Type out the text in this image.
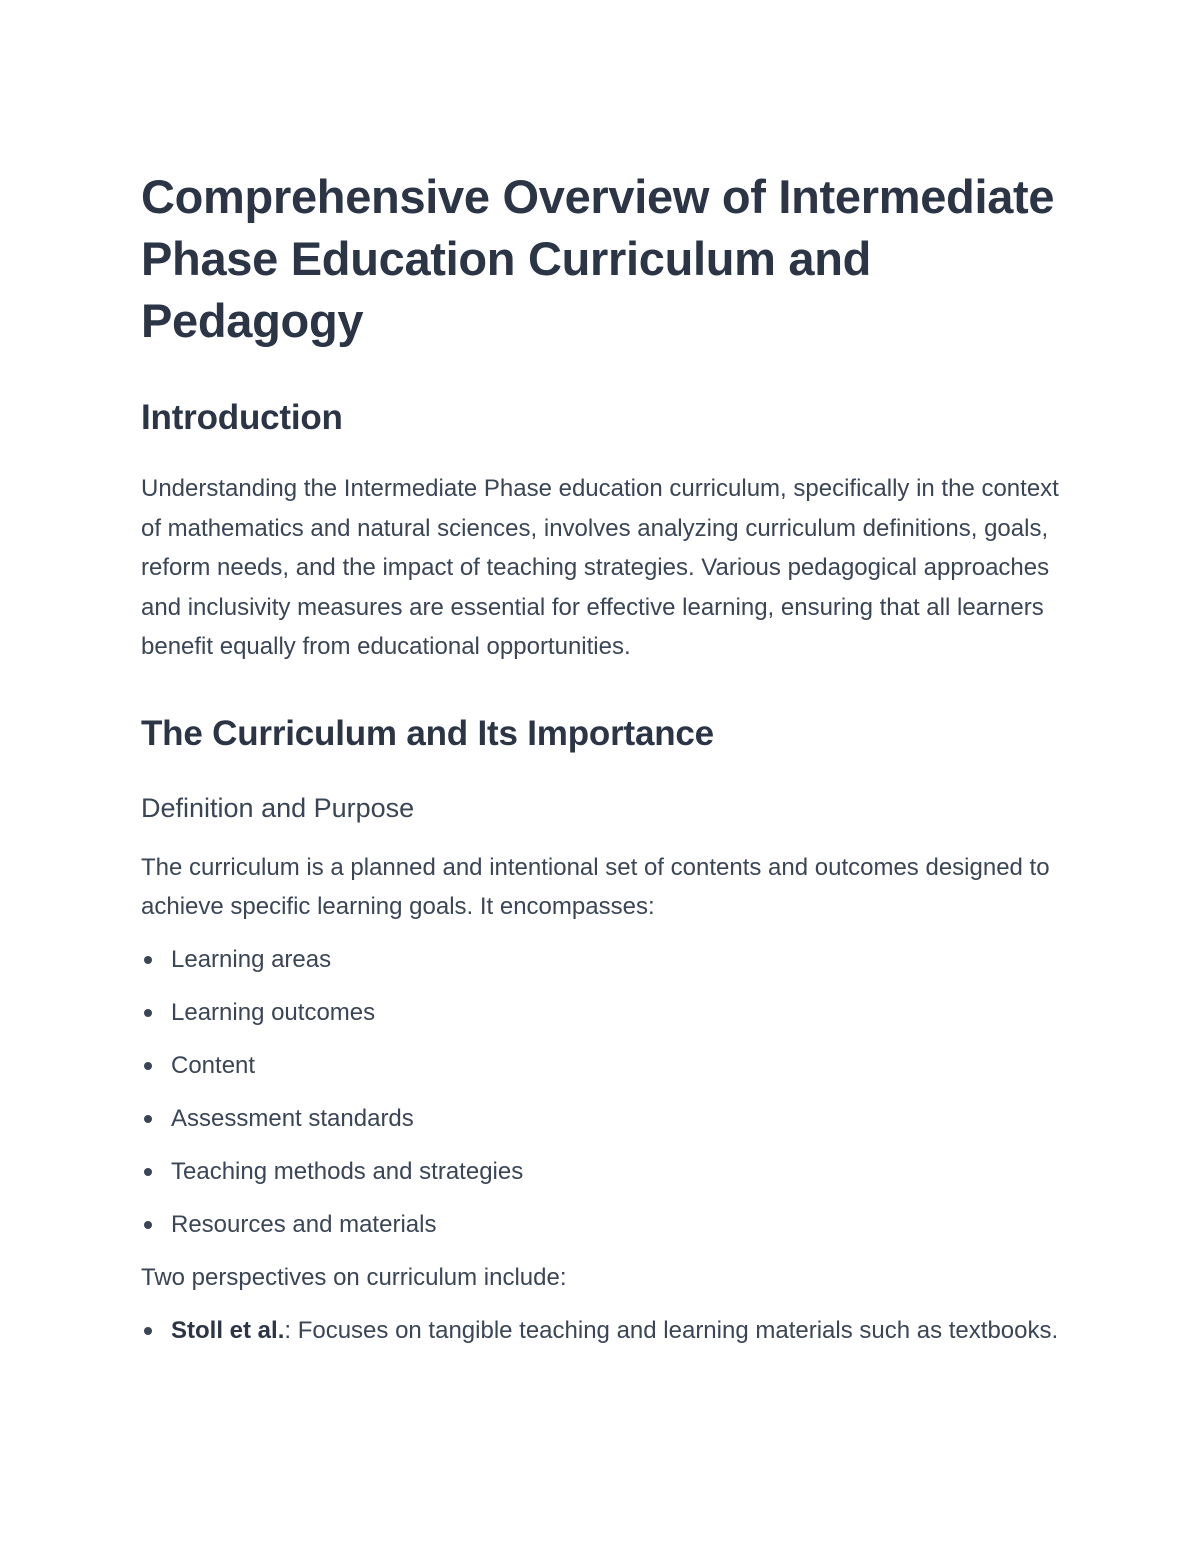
Comprehensive Overview of Intermediate Phase Education Curriculum and Pedagogy
Introduction

Understanding the Intermediate Phase education curriculum, specifically in the context of mathematics and natural sciences, involves analyzing curriculum definitions, goals, reform needs, and the impact of teaching strategies. Various pedagogical approaches and inclusivity measures are essential for effective learning, ensuring that all learners benefit equally from educational opportunities.

The Curriculum and Its Importance
Definition and Purpose

The curriculum is a planned and intentional set of contents and outcomes designed to achieve specific learning goals. It encompasses:

Learning areas
Learning outcomes
Content
Assessment standards
Teaching methods and strategies
Resources and materials

Two perspectives on curriculum include:

Stoll et al.: Focuses on tangible teaching and learning materials such as textbooks.
